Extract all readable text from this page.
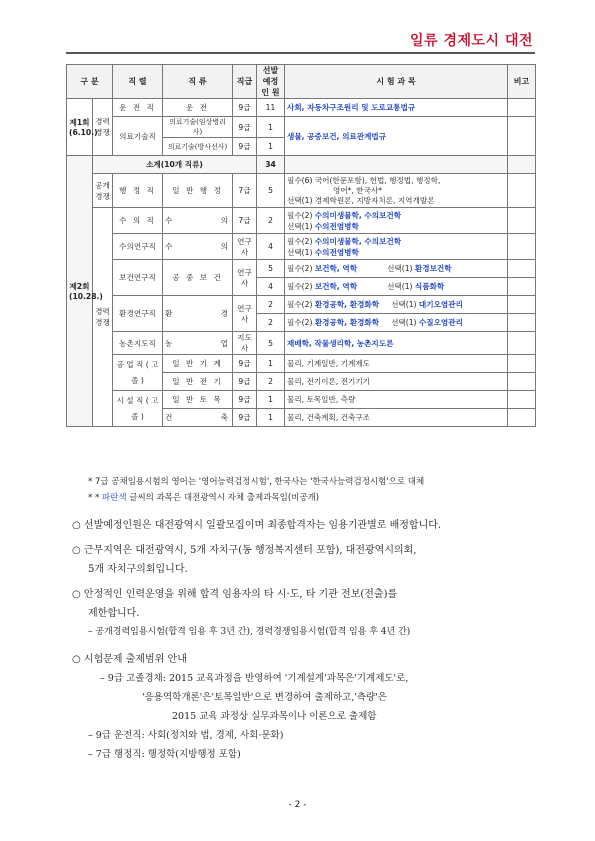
일류 경제도시 대전
구 분		직 렬	직 류	직급	선발예정 인 원	시 험 과 목	비고
제1회 (6.10.)	경력 경쟁	운 전 직	운 전	9급	11	사회, 자동차구조원리 및 도로교통법규	
		의료기술직	의료기술(임상병리사)	9급	1	생물, 공중보건, 의료관계법규	
			의료기술(방사선사)	9급	1		
제2회 (10.28.)	소계(10개 직류)				34		
	공개 경쟁	행 정 직	일 반 행 정	7급	5	필수(6) 국어(한문포함), 헌법, 행정법, 행정학,
영어*, 한국사*
선택(1) 경제학원론, 지방자치론, 지역개발론	

	경력 경쟁	수 의 직	수 의	7급	2	필수(2) 수의미생물학, 수의보건학
선택(1) 수의전염병학	

		수의연구직	수 의	연구사	4	필수(2) 수의미생물학, 수의보건학
선택(1) 수의전염병학	

		보건연구직	공 중 보 건	연구사	5	필수(2) 보건학, 역학 선택(1) 환경보건학	
					4	필수(2) 보건학, 역학 선택(1) 식품화학	
		환경연구직	환 경	연구사	2	필수(2) 환경공학, 환경화학 선택(1) 대기오염관리	
					2	필수(2) 환경공학, 환경화학 선택(1) 수질오염관리	
		농촌지도직	농 업	지도사	5	재배학, 작물생리학, 농촌지도론	
		공 업 직 ( 고 졸 )	일 반 기 계	9급	1	물리, 기계일반, 기계제도	
			일 반 전 기	9급	2	물리, 전기이론, 전기기기	
		시 설 직 ( 고 졸 )	일 반 토 목	9급	1	물리, 토목일반, 측량	
			건 축	9급	1	물리, 건축계획, 건축구조	
* 7급 공채임용시험의 영어는 '영어능력검정시험', 한국사는 '한국사능력검정시험'으로 대체
* * 파란색 글씨의 과목은 대전광역시 자체 출제과목임(비공개)

○ 선발예정인원은 대전광역시 일괄모집이며 최종합격자는 임용기관별로 배정합니다.

○ 근무지역은 대전광역시, 5개 자치구(동 행정복지센터 포함), 대전광역시의회,

5개 자치구의회입니다.

○ 안정적인 인력운영을 위해 합격 임용자의 타 시·도, 타 기관 전보(전출)를

제한합니다.

– 공개경력임용시험(합격 임용 후 3년 간), 경력경쟁임용시험(합격 임용 후 4년 간)

○ 시험문제 출제범위 안내

– 9급 고졸경채: 2015 교육과정을 반영하여 '기계설계'과목은'기계제도'로,

'응용역학개론'은'토목일반'으로 변경하여 출제하고,'측량'은

2015 교육 과정상 실무과목이나 이론으로 출제함

– 9급 운전직: 사회(정치와 법, 경제, 사회·문화)

– 7급 행정직: 행정학(지방행정 포함)

- 2 -
